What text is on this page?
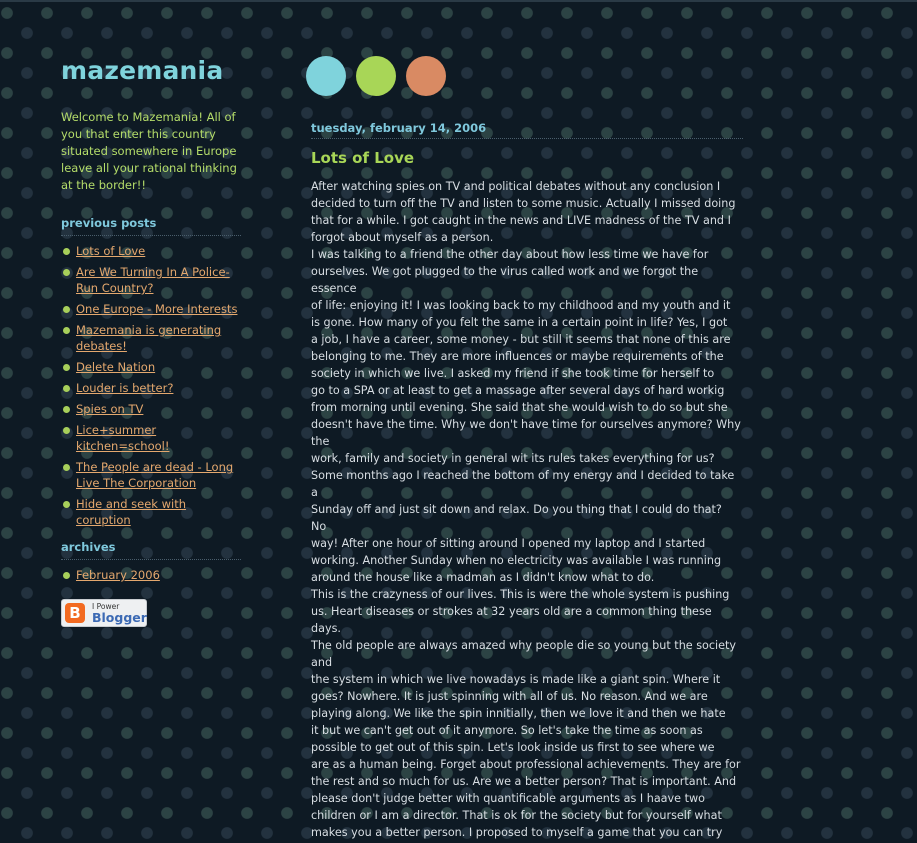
mazemania
Welcome to Mazemania! All of you that enter this country situated somewhere in Europe leave all your rational thinking at the border!!
previous posts
Lots of Love
Are We Turning In A Police-Run Country?
One Europe - More Interests
Mazemania is generating debates!
Delete Nation
Louder is better?
Spies on TV
Lice+summer kitchen=school!
The People are dead - Long Live The Corporation
Hide and seek with coruption
archives
February 2006
B	I Power
Blogger
tuesday, february 14, 2006
Lots of Love
After watching spies on TV and political debates without any conclusion I
decided to turn off the TV and listen to some music. Actually I missed doing
that for a while. I got caught in the news and LIVE madness of the TV and I
forgot about myself as a person.
I was talking to a friend the other day about how less time we have for
ourselves. We got plugged to the virus called work and we forgot the
essence
of life: enjoying it! I was looking back to my childhood and my youth and it
is gone. How many of you felt the same in a certain point in life? Yes, I got
a job, I have a career, some money - but still it seems that none of this are
belonging to me. They are more influences or maybe requirements of the
society in which we live. I asked my friend if she took time for herself to
go to a SPA or at least to get a massage after several days of hard workig
from morning until evening. She said that she would wish to do so but she
doesn't have the time. Why we don't have time for ourselves anymore? Why
the
work, family and society in general wit its rules takes everything for us?
Some months ago I reached the bottom of my energy and I decided to take
a
Sunday off and just sit down and relax. Do you thing that I could do that?
No
way! After one hour of sitting around I opened my laptop and I started
working. Another Sunday when no electricity was available I was running
around the house like a madman as I didn't know what to do.
This is the crazyness of our lives. This is were the whole system is pushing
us. Heart diseases or strokes at 32 years old are a common thing these
days.
The old people are always amazed why people die so young but the society
and
the system in which we live nowadays is made like a giant spin. Where it
goes? Nowhere. It is just spinning with all of us. No reason. And we are
playing along. We like the spin innitially, then we love it and then we hate
it but we can't get out of it anymore. So let's take the time as soon as
possible to get out of this spin. Let's look inside us first to see where we
are as a human being. Forget about professional achievements. They are for
the rest and so much for us. Are we a better person? That is important. And
please don't judge better with quantificable arguments as I haave two
children or I am a director. That is ok for the society but for yourself what
makes you a better person. I proposed to myself a game that you can try
